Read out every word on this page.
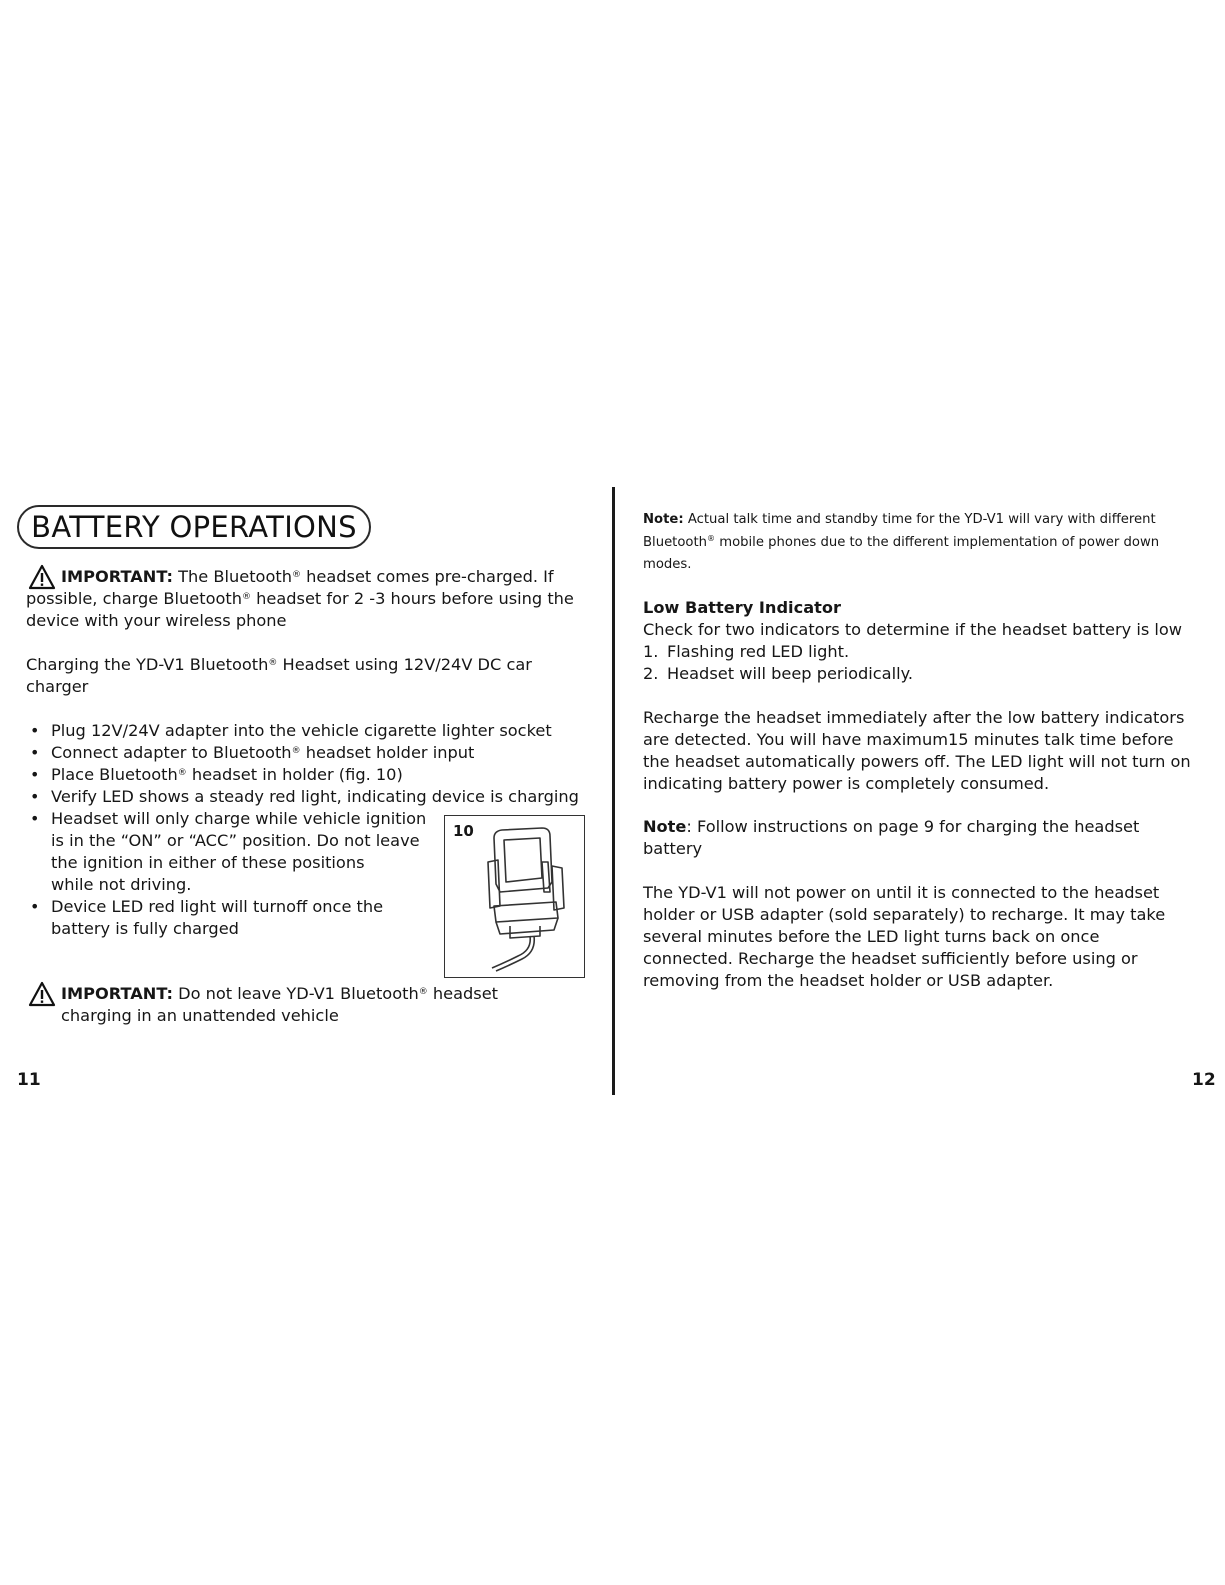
BATTERY OPERATIONS
IMPORTANT: The Bluetooth® headset comes pre-charged. If
possible, charge Bluetooth® headset for 2 -3 hours before using the
device with your wireless phone
Charging the YD-V1 Bluetooth® Headset using 12V/24V DC car
charger
• Plug 12V/24V adapter into the vehicle cigarette lighter socket
• Connect adapter to Bluetooth® headset holder input
• Place Bluetooth® headset in holder (fig. 10)
• Verify LED shows a steady red light, indicating device is charging
• Headset will only charge while vehicle ignition
is in the “ON” or “ACC” position. Do not leave
the ignition in either of these positions
while not driving.
• Device LED red light will turnoff once the
battery is fully charged
10
IMPORTANT: Do not leave YD-V1 Bluetooth® headset
charging in an unattended vehicle
11
Note: Actual talk time and standby time for the YD-V1 will vary with different
Bluetooth® mobile phones due to the different implementation of power down
modes.
Low Battery Indicator
Check for two indicators to determine if the headset battery is low
1. Flashing red LED light.
2. Headset will beep periodically.
Recharge the headset immediately after the low battery indicators
are detected. You will have maximum15 minutes talk time before
the headset automatically powers off. The LED light will not turn on
indicating battery power is completely consumed.
Note: Follow instructions on page 9 for charging the headset
battery
The YD-V1 will not power on until it is connected to the headset
holder or USB adapter (sold separately) to recharge. It may take
several minutes before the LED light turns back on once
connected. Recharge the headset sufficiently before using or
removing from the headset holder or USB adapter.
12
